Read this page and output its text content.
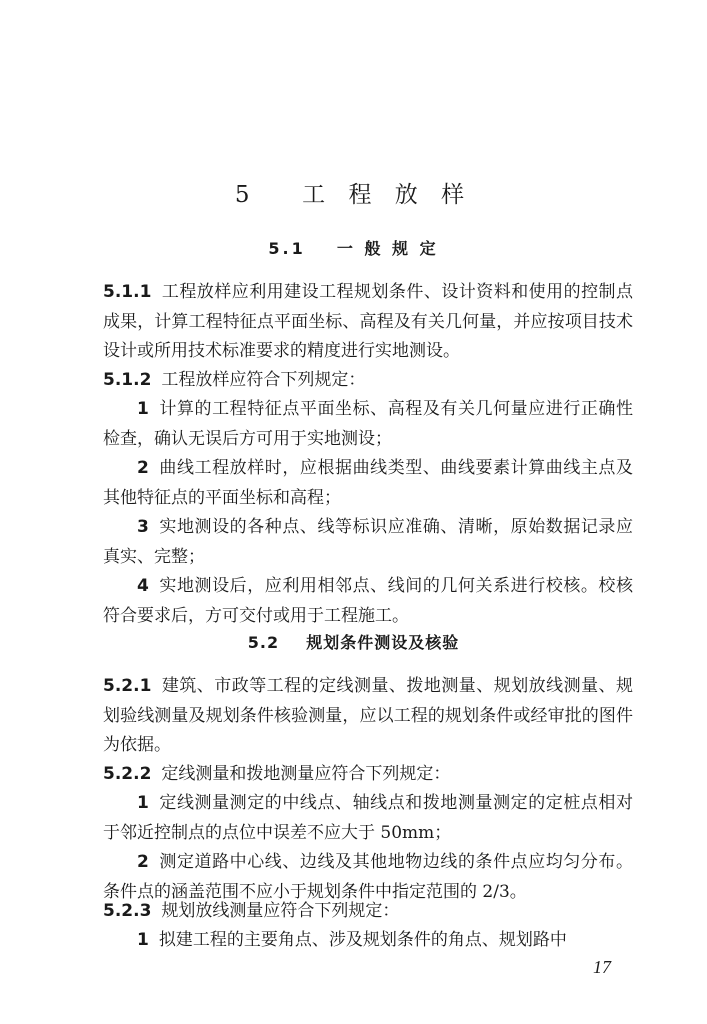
5 工 程 放 样
5.1 一 般 规 定
5.1.1 工程放样应利用建设工程规划条件、设计资料和使用的控制点成果，计算工程特征点平面坐标、高程及有关几何量，并应按项目技术设计或所用技术标准要求的精度进行实地测设。
5.1.2 工程放样应符合下列规定：
1 计算的工程特征点平面坐标、高程及有关几何量应进行正确性检查，确认无误后方可用于实地测设；
2 曲线工程放样时，应根据曲线类型、曲线要素计算曲线主点及其他特征点的平面坐标和高程；
3 实地测设的各种点、线等标识应准确、清晰，原始数据记录应真实、完整；
4 实地测设后，应利用相邻点、线间的几何关系进行校核。校核符合要求后，方可交付或用于工程施工。
5.2 规划条件测设及核验
5.2.1 建筑、市政等工程的定线测量、拨地测量、规划放线测量、规划验线测量及规划条件核验测量，应以工程的规划条件或经审批的图件为依据。
5.2.2 定线测量和拨地测量应符合下列规定：
1 定线测量测定的中线点、轴线点和拨地测量测定的定桩点相对于邻近控制点的点位中误差不应大于 50mm；
2 测定道路中心线、边线及其他地物边线的条件点应均匀分布。条件点的涵盖范围不应小于规划条件中指定范围的 2/3。
5.2.3 规划放线测量应符合下列规定：
1 拟建工程的主要角点、涉及规划条件的角点、规划路中
17
